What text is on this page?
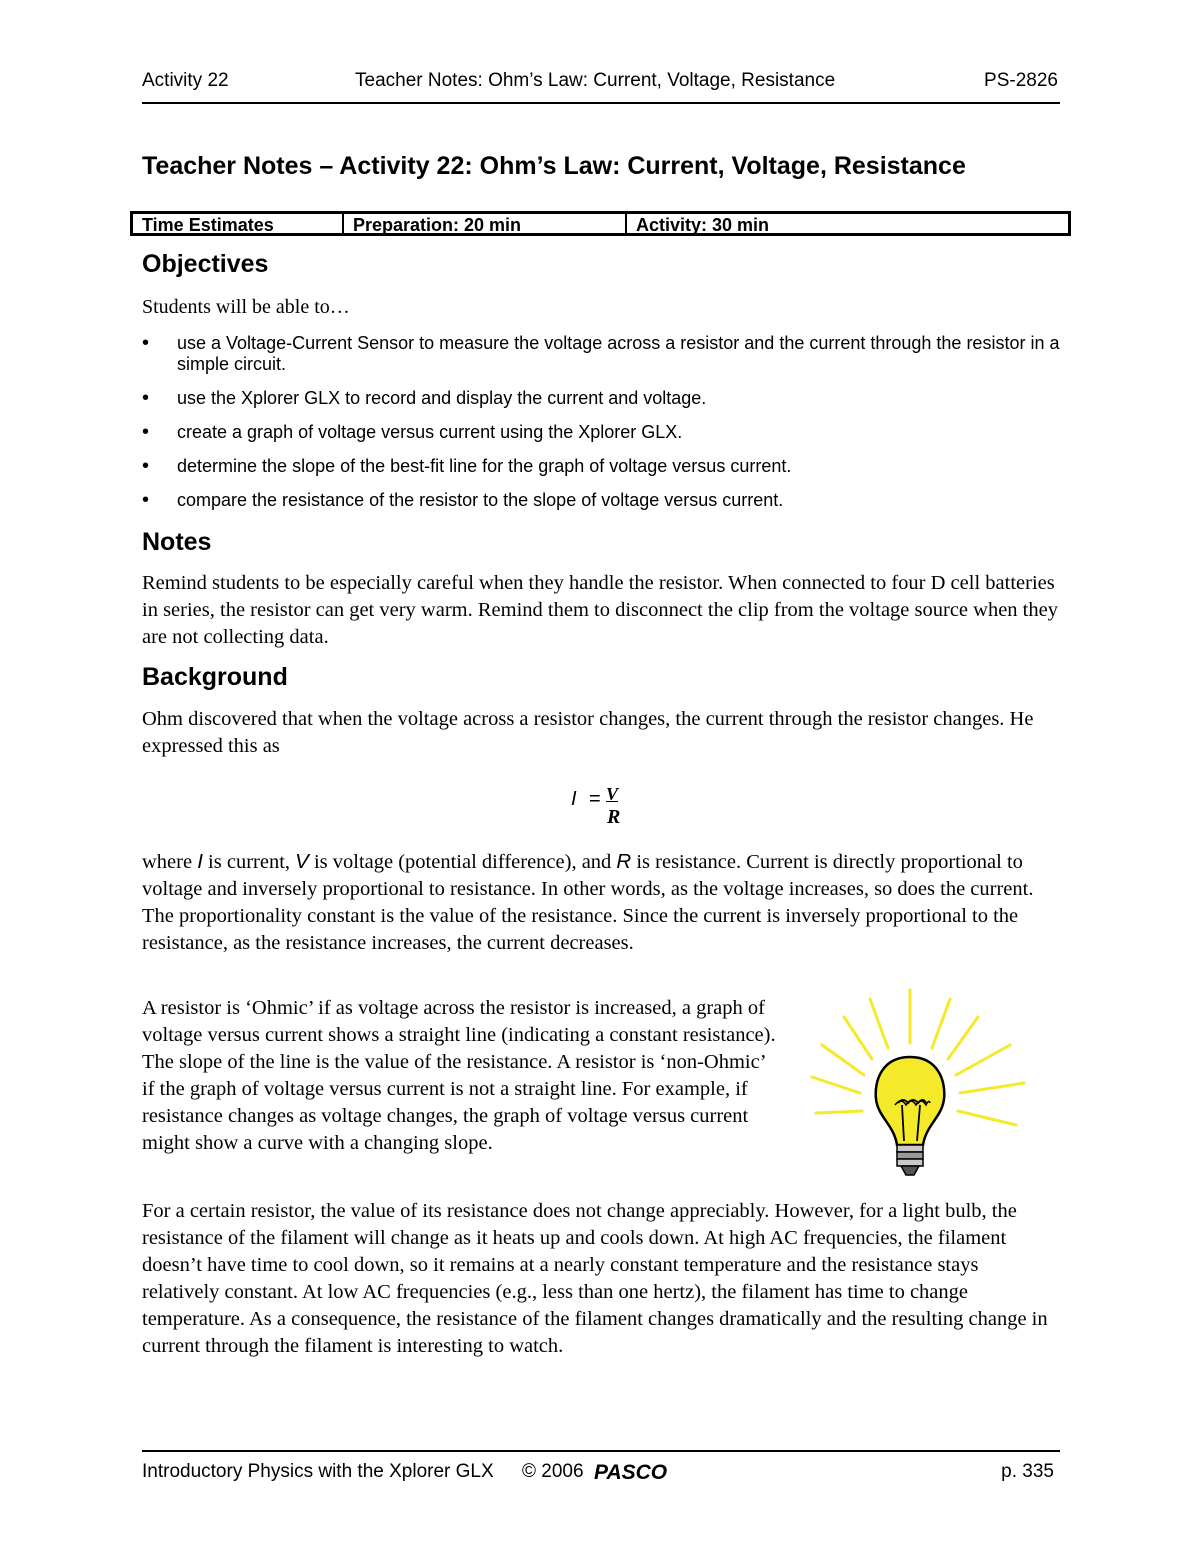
Activity 22	Teacher Notes: Ohm’s Law: Current, Voltage, Resistance	PS-2826
Teacher Notes – Activity 22: Ohm’s Law: Current, Voltage, Resistance
Time Estimates	Preparation: 20 min	Activity: 30 min
Objectives

Students will be able to…

• use a Voltage-Current Sensor to measure the voltage across a resistor and the current through the resistor in a simple circuit.
• use the Xplorer GLX to record and display the current and voltage.
• create a graph of voltage versus current using the Xplorer GLX.
• determine the slope of the best-fit line for the graph of voltage versus current.
• compare the resistance of the resistor to the slope of voltage versus current.
Notes

Remind students to be especially careful when they handle the resistor. When connected to four D cell batteries in series, the resistor can get very warm. Remind them to disconnect the clip from the voltage source when they are not collecting data.

Background

Ohm discovered that when the voltage across a resistor changes, the current through the resistor changes. He expressed this as

I = V
R

where I is current, V is voltage (potential difference), and R is resistance. Current is directly proportional to voltage and inversely proportional to resistance. In other words, as the voltage increases, so does the current. The proportionality constant is the value of the resistance. Since the current is inversely proportional to the resistance, as the resistance increases, the current decreases.

A resistor is ‘Ohmic’ if as voltage across the resistor is increased, a graph of voltage versus current shows a straight line (indicating a constant resistance). The slope of the line is the value of the resistance. A resistor is ‘non-Ohmic’ if the graph of voltage versus current is not a straight line. For example, if resistance changes as voltage changes, the graph of voltage versus current might show a curve with a changing slope.

For a certain resistor, the value of its resistance does not change appreciably. However, for a light bulb, the resistance of the filament will change as it heats up and cools down. At high AC frequencies, the filament doesn’t have time to cool down, so it remains at a nearly constant temperature and the resistance stays relatively constant. At low AC frequencies (e.g., less than one hertz), the filament has time to change temperature. As a consequence, the resistance of the filament changes dramatically and the resulting change in current through the filament is interesting to watch.

Introductory Physics with the Xplorer GLX © 2006 PASCO	p. 335
